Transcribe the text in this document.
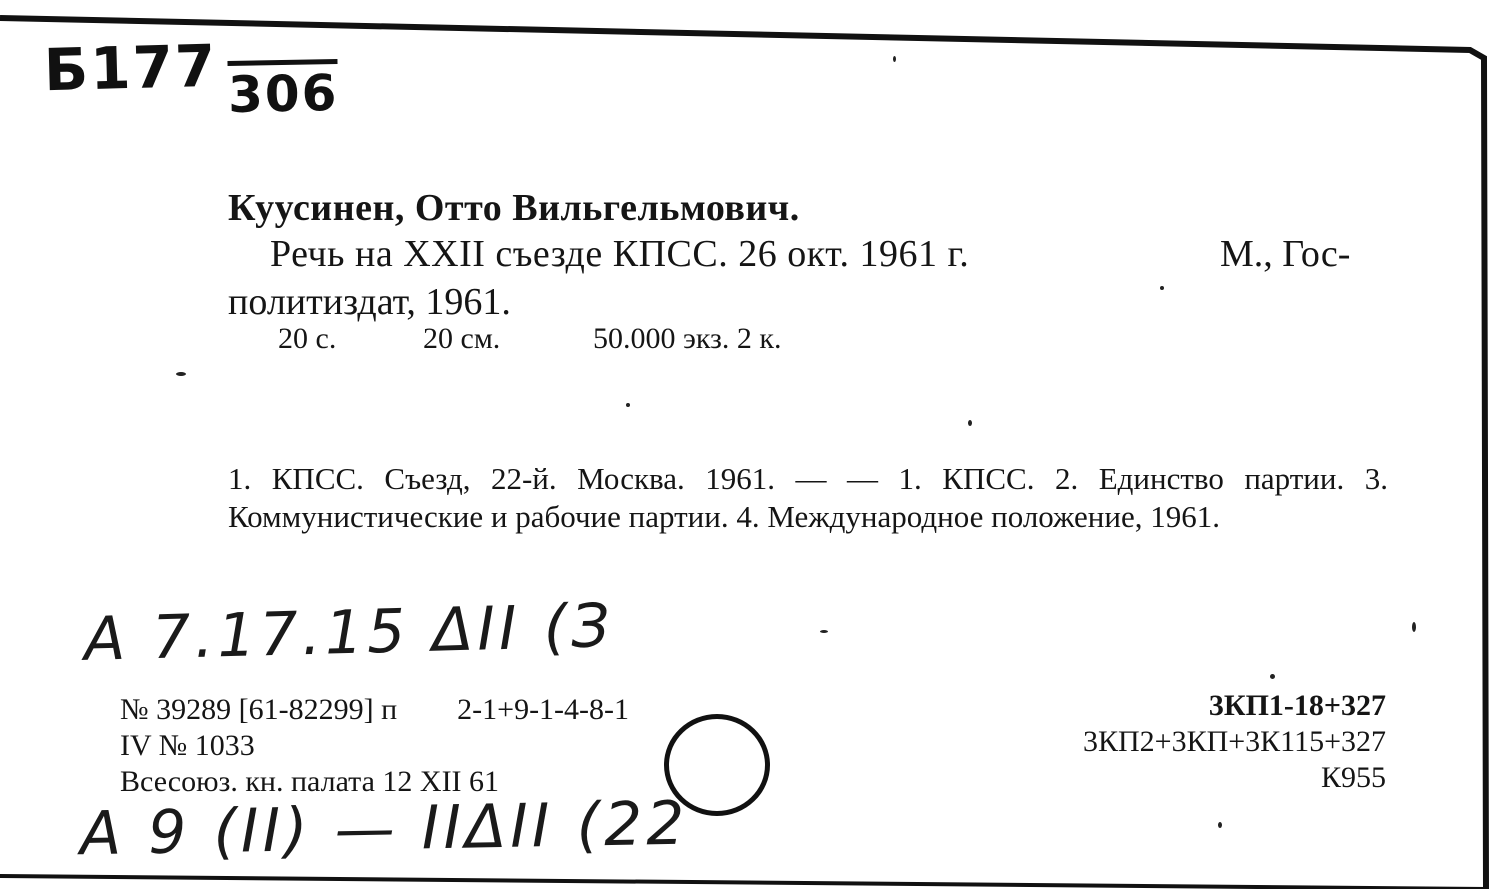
Б177 306
Куусинен, Отто Вильгельмович.
Речь на XXII съезде КПСС. 26 окт. 1961 г.	М., Гос-
политиздат, 1961.
20 с.	20 см.	50.000 экз. 2 к.
1. КПСС. Съезд, 22-й. Москва. 1961. — — 1. КПСС. 2. Единство партии. 3. Коммунистические и рабочие партии. 4. Международное положение, 1961.
A 7.17.15 ΔII (З
№ 39289 [61-82299] п 2-1+9-1-4-8-1
IV № 1033
Всесоюз. кн. палата 12 XII 61
3КП1-18+327
3КП2+3КП+3К115+327
К955
A 9 (II) — IIΔII (22
